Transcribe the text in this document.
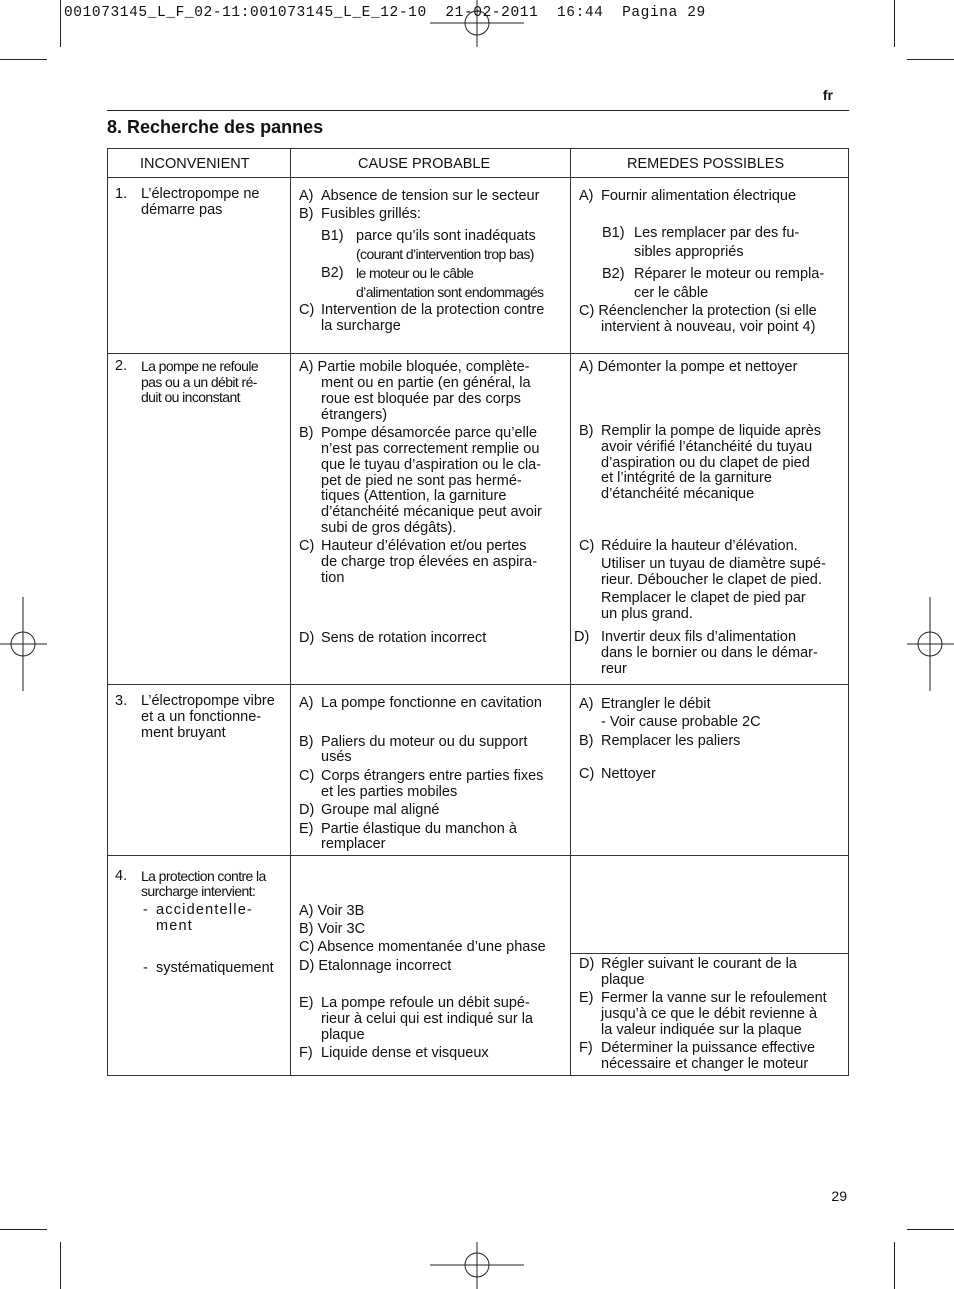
001073145_L_F_02-11:001073145_L_E_12-10  21-02-2011  16:44  Pagina 29
fr
8. Recherche des pannes
INCONVENIENT	CAUSE PROBABLE	REMEDES POSSIBLES
1. L’électropompe ne
démarre pas
A) Absence de tension sur le secteur
B) Fusibles grillés:
B1) parce qu’ils sont inadéquats
(courant d’intervention trop bas)
B2) le moteur ou le câble
d’alimentation sont endommagés
C) Intervention de la protection contre
la surcharge
A) Fournir alimentation électrique
B1) Les remplacer par des fu-
sibles appropriés
B2) Réparer le moteur ou rempla-
cer le câble
C) Réenclencher la protection (si elle
intervient à nouveau, voir point 4)
2. La pompe ne refoule
pas ou a un débit ré-
duit ou inconstant
A) Partie mobile bloquée, complète-
ment ou en partie (en général, la
roue est bloquée par des corps
étrangers)
B) Pompe désamorcée parce qu’elle
n’est pas correctement remplie ou
que le tuyau d’aspiration ou le cla-
pet de pied ne sont pas hermé-
tiques (Attention, la garniture
d’étanchéité mécanique peut avoir
subi de gros dégâts).
C) Hauteur d’élévation et/ou pertes
de charge trop élevées en aspira-
tion
D) Sens de rotation incorrect
A) Démonter la pompe et nettoyer
B) Remplir la pompe de liquide après
avoir vérifié l’étanchéité du tuyau
d’aspiration ou du clapet de pied
et l’intégrité de la garniture
d’étanchéité mécanique
C) Réduire la hauteur d’élévation.
Utiliser un tuyau de diamètre supé-
rieur. Déboucher le clapet de pied.
Remplacer le clapet de pied par
un plus grand.
D) Invertir deux fils d’alimentation
dans le bornier ou dans le démar-
reur
3. L’électropompe vibre
et a un fonctionne-
ment bruyant
A) La pompe fonctionne en cavitation
B) Paliers du moteur ou du support
usés
C) Corps étrangers entre parties fixes
et les parties mobiles
D) Groupe mal aligné
E) Partie élastique du manchon à
remplacer
A) Etrangler le débit
- Voir cause probable 2C
B) Remplacer les paliers
C) Nettoyer
4. La protection contre la
surcharge intervient:
- accidentelle-
ment
- systématiquement
A) Voir 3B
B) Voir 3C
C) Absence momentanée d’une phase
D) Etalonnage incorrect
E) La pompe refoule un débit supé-
rieur à celui qui est indiqué sur la
plaque
F) Liquide dense et visqueux
D) Régler suivant le courant de la
plaque
E) Fermer la vanne sur le refoulement
jusqu’à ce que le débit revienne à
la valeur indiquée sur la plaque
F) Déterminer la puissance effective
nécessaire et changer le moteur
29
